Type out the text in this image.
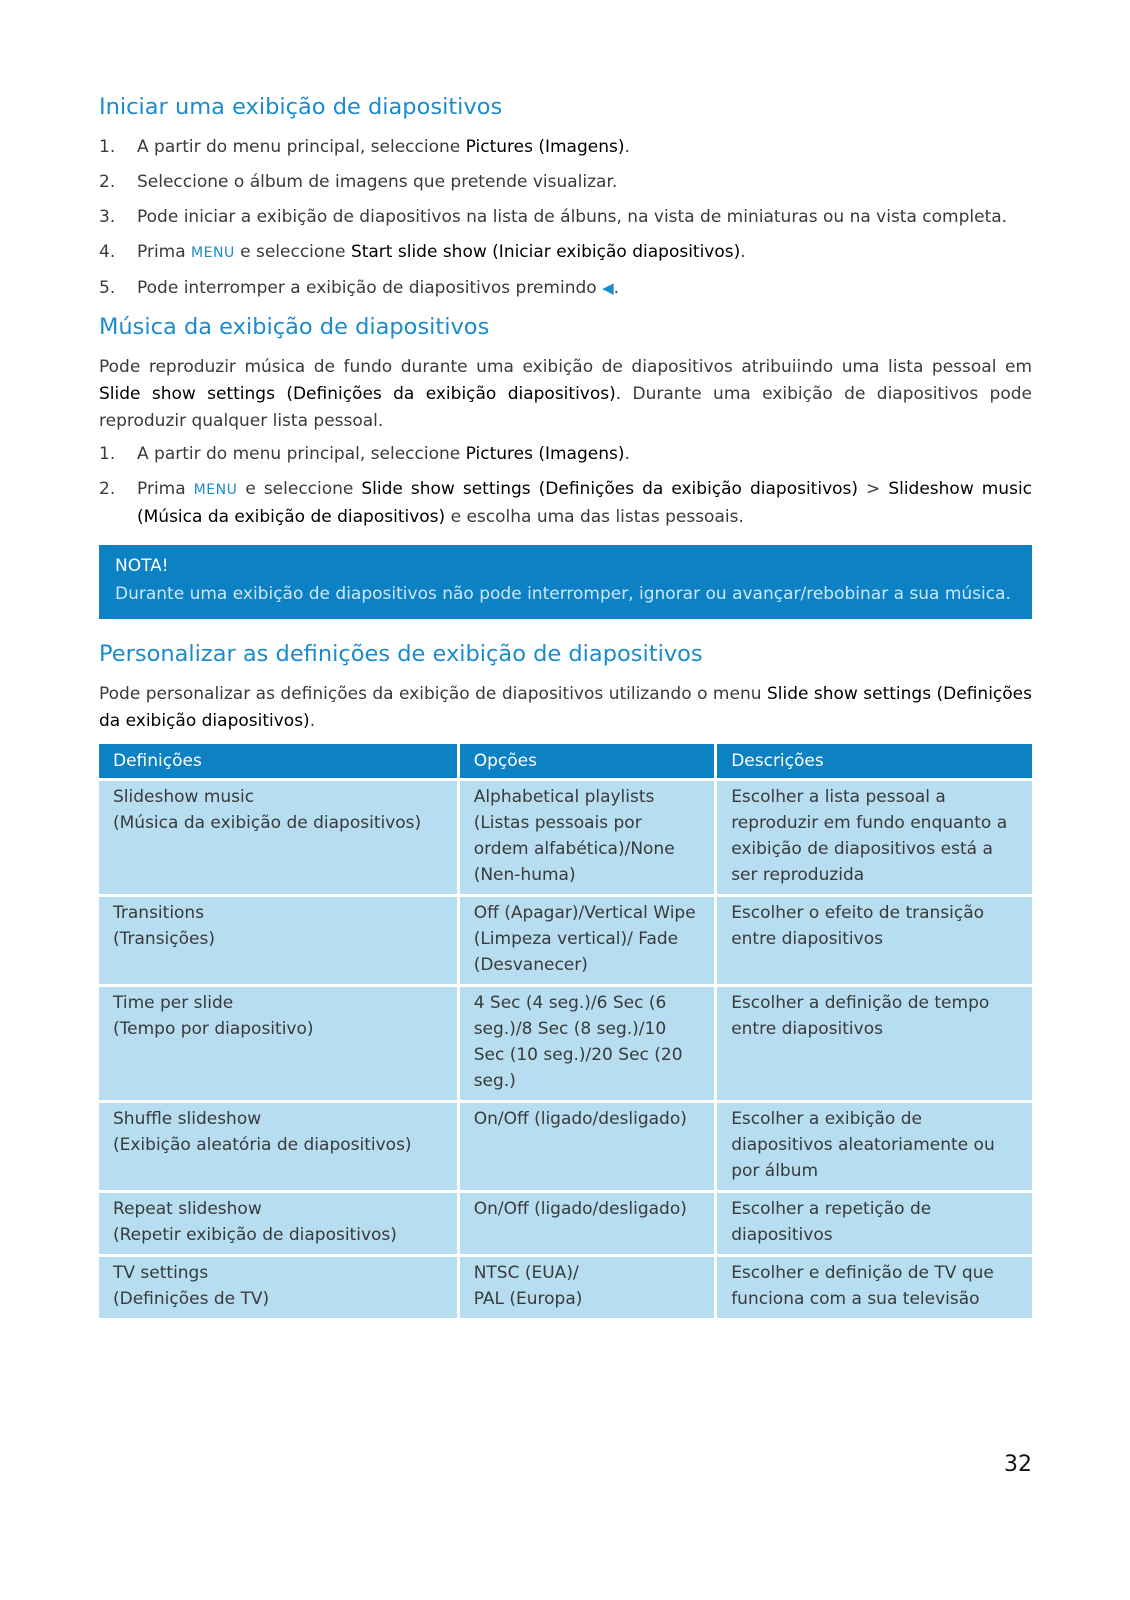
Iniciar uma exibição de diapositivos
1. A partir do menu principal, seleccione Pictures (Imagens).
2. Seleccione o álbum de imagens que pretende visualizar.
3. Pode iniciar a exibição de diapositivos na lista de álbuns, na vista de miniaturas ou na vista completa.
4. Prima MENU e seleccione Start slide show (Iniciar exibição diapositivos).
5. Pode interromper a exibição de diapositivos premindo ◀.
Música da exibição de diapositivos

Pode reproduzir música de fundo durante uma exibição de diapositivos atribuiindo uma lista pessoal em Slide show settings (Definições da exibição diapositivos). Durante uma exibição de diapositivos pode reproduzir qualquer lista pessoal.

1. A partir do menu principal, seleccione Pictures (Imagens).
2. Prima MENU e seleccione Slide show settings (Definições da exibição diapositivos) > Slideshow music (Música da exibição de diapositivos) e escolha uma das listas pessoais.
NOTA!
Durante uma exibição de diapositivos não pode interromper, ignorar ou avançar/rebobinar a sua música.
Personalizar as definições de exibição de diapositivos

Pode personalizar as definições da exibição de diapositivos utilizando o menu Slide show settings (Definições da exibição diapositivos).

Definições	Opções	Descrições
Slideshow music
(Música da exibição de diapositivos)	Alphabetical playlists (Listas pessoais por ordem alfabética)/None (Nen-huma)	Escolher a lista pessoal a reproduzir em fundo enquanto a exibição de diapositivos está a ser reproduzida
Transitions
(Transições)	Off (Apagar)/Vertical Wipe (Limpeza vertical)/ Fade (Desvanecer)	Escolher o efeito de transição entre diapositivos
Time per slide
(Tempo por diapositivo)	4 Sec (4 seg.)/6 Sec (6 seg.)/8 Sec (8 seg.)/10 Sec (10 seg.)/20 Sec (20 seg.)	Escolher a definição de tempo entre diapositivos
Shuffle slideshow
(Exibição aleatória de diapositivos)	On/Off (ligado/desligado)	Escolher a exibição de diapositivos aleatoriamente ou por álbum
Repeat slideshow
(Repetir exibição de diapositivos)	On/Off (ligado/desligado)	Escolher a repetição de diapositivos
TV settings
(Definições de TV)	NTSC (EUA)/
PAL (Europa)	Escolher e definição de TV que funciona com a sua televisão
32
